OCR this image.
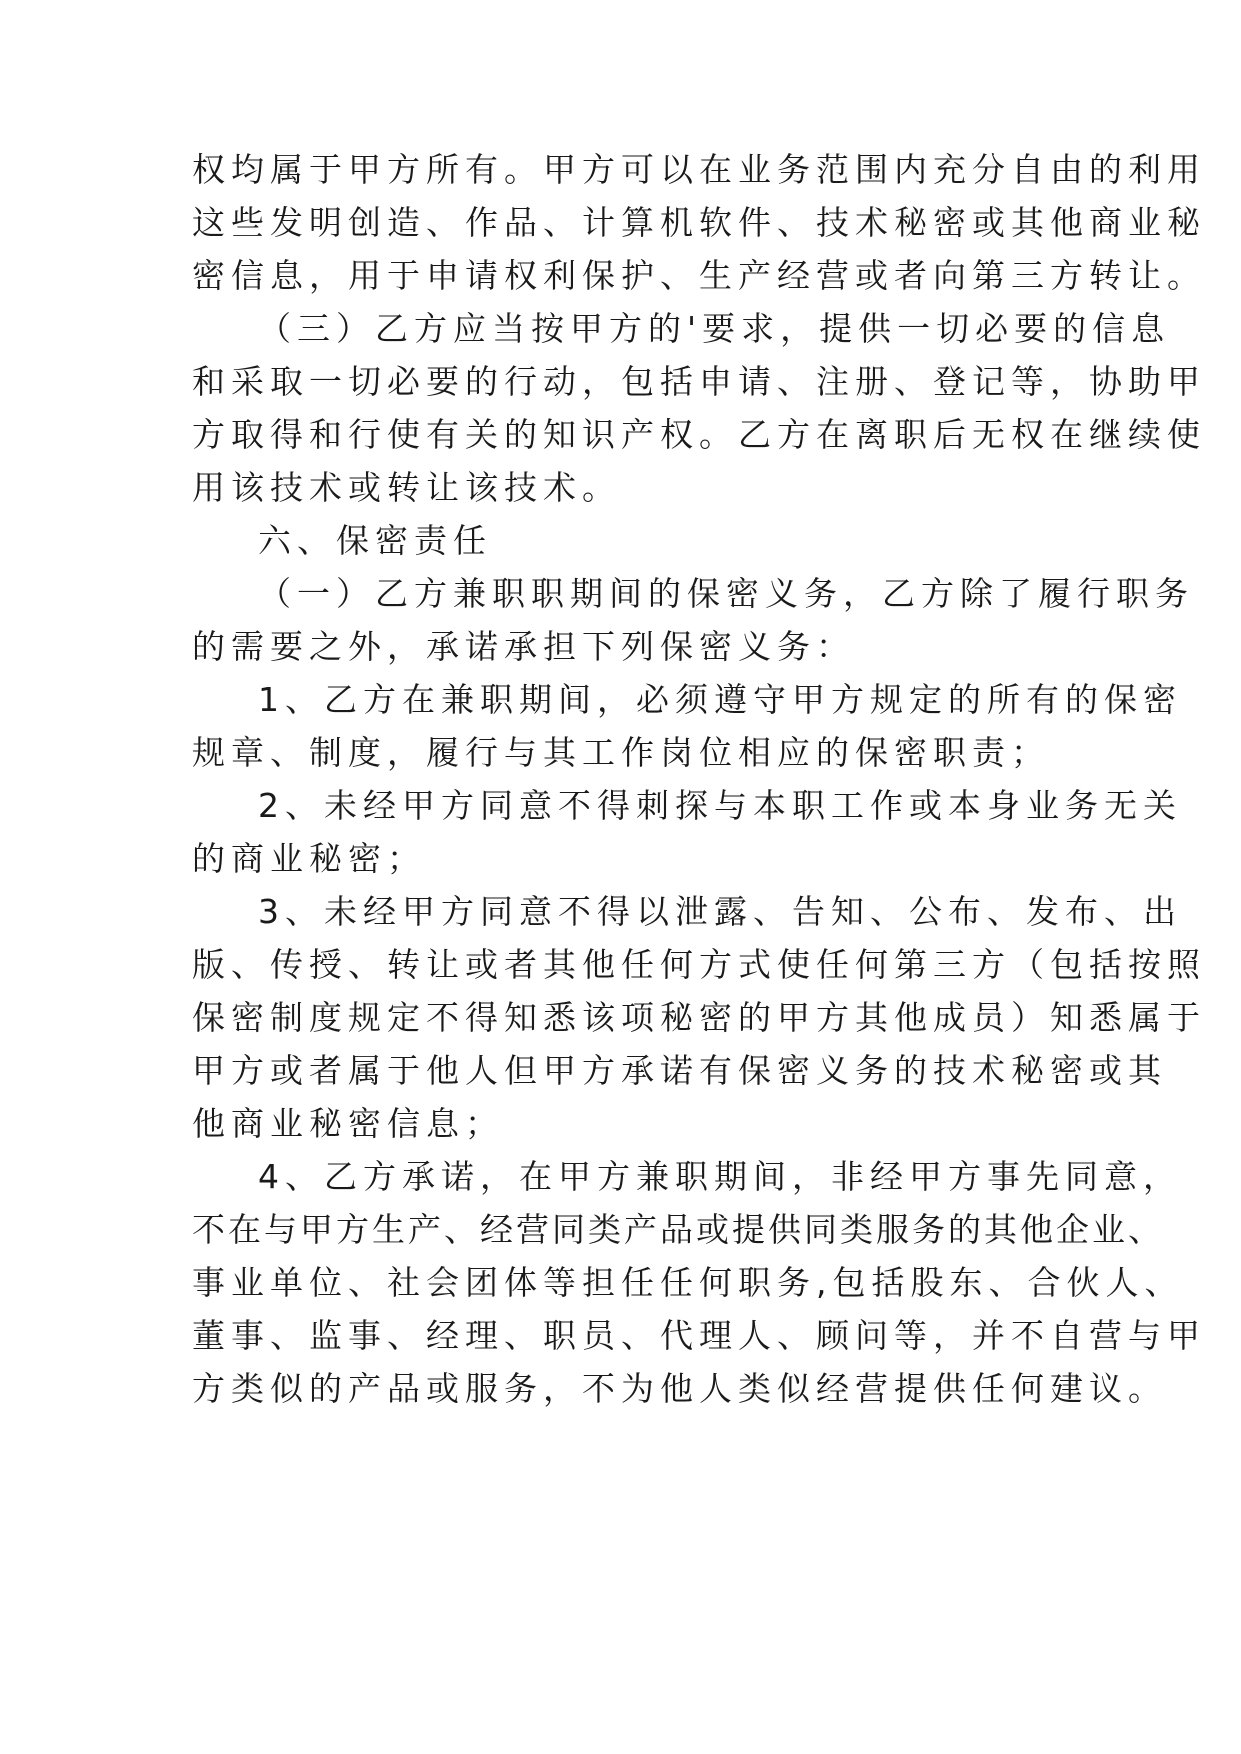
权均属于甲方所有。甲方可以在业务范围内充分自由的利用
这些发明创造、作品、计算机软件、技术秘密或其他商业秘
密信息，用于申请权利保护、生产经营或者向第三方转让。
（三）乙方应当按甲方的'要求，提供一切必要的信息
和采取一切必要的行动，包括申请、注册、登记等，协助甲
方取得和行使有关的知识产权。乙方在离职后无权在继续使
用该技术或转让该技术。
六、保密责任
（一）乙方兼职职期间的保密义务，乙方除了履行职务
的需要之外，承诺承担下列保密义务：
1、乙方在兼职期间，必须遵守甲方规定的所有的保密
规章、制度，履行与其工作岗位相应的保密职责；
2、未经甲方同意不得刺探与本职工作或本身业务无关
的商业秘密；
3、未经甲方同意不得以泄露、告知、公布、发布、出
版、传授、转让或者其他任何方式使任何第三方（包括按照
保密制度规定不得知悉该项秘密的甲方其他成员）知悉属于
甲方或者属于他人但甲方承诺有保密义务的技术秘密或其
他商业秘密信息；
4、乙方承诺，在甲方兼职期间，非经甲方事先同意，
不在与甲方生产、经营同类产品或提供同类服务的其他企业、
事业单位、社会团体等担任任何职务,包括股东、合伙人、
董事、监事、经理、职员、代理人、顾问等，并不自营与甲
方类似的产品或服务，不为他人类似经营提供任何建议。
